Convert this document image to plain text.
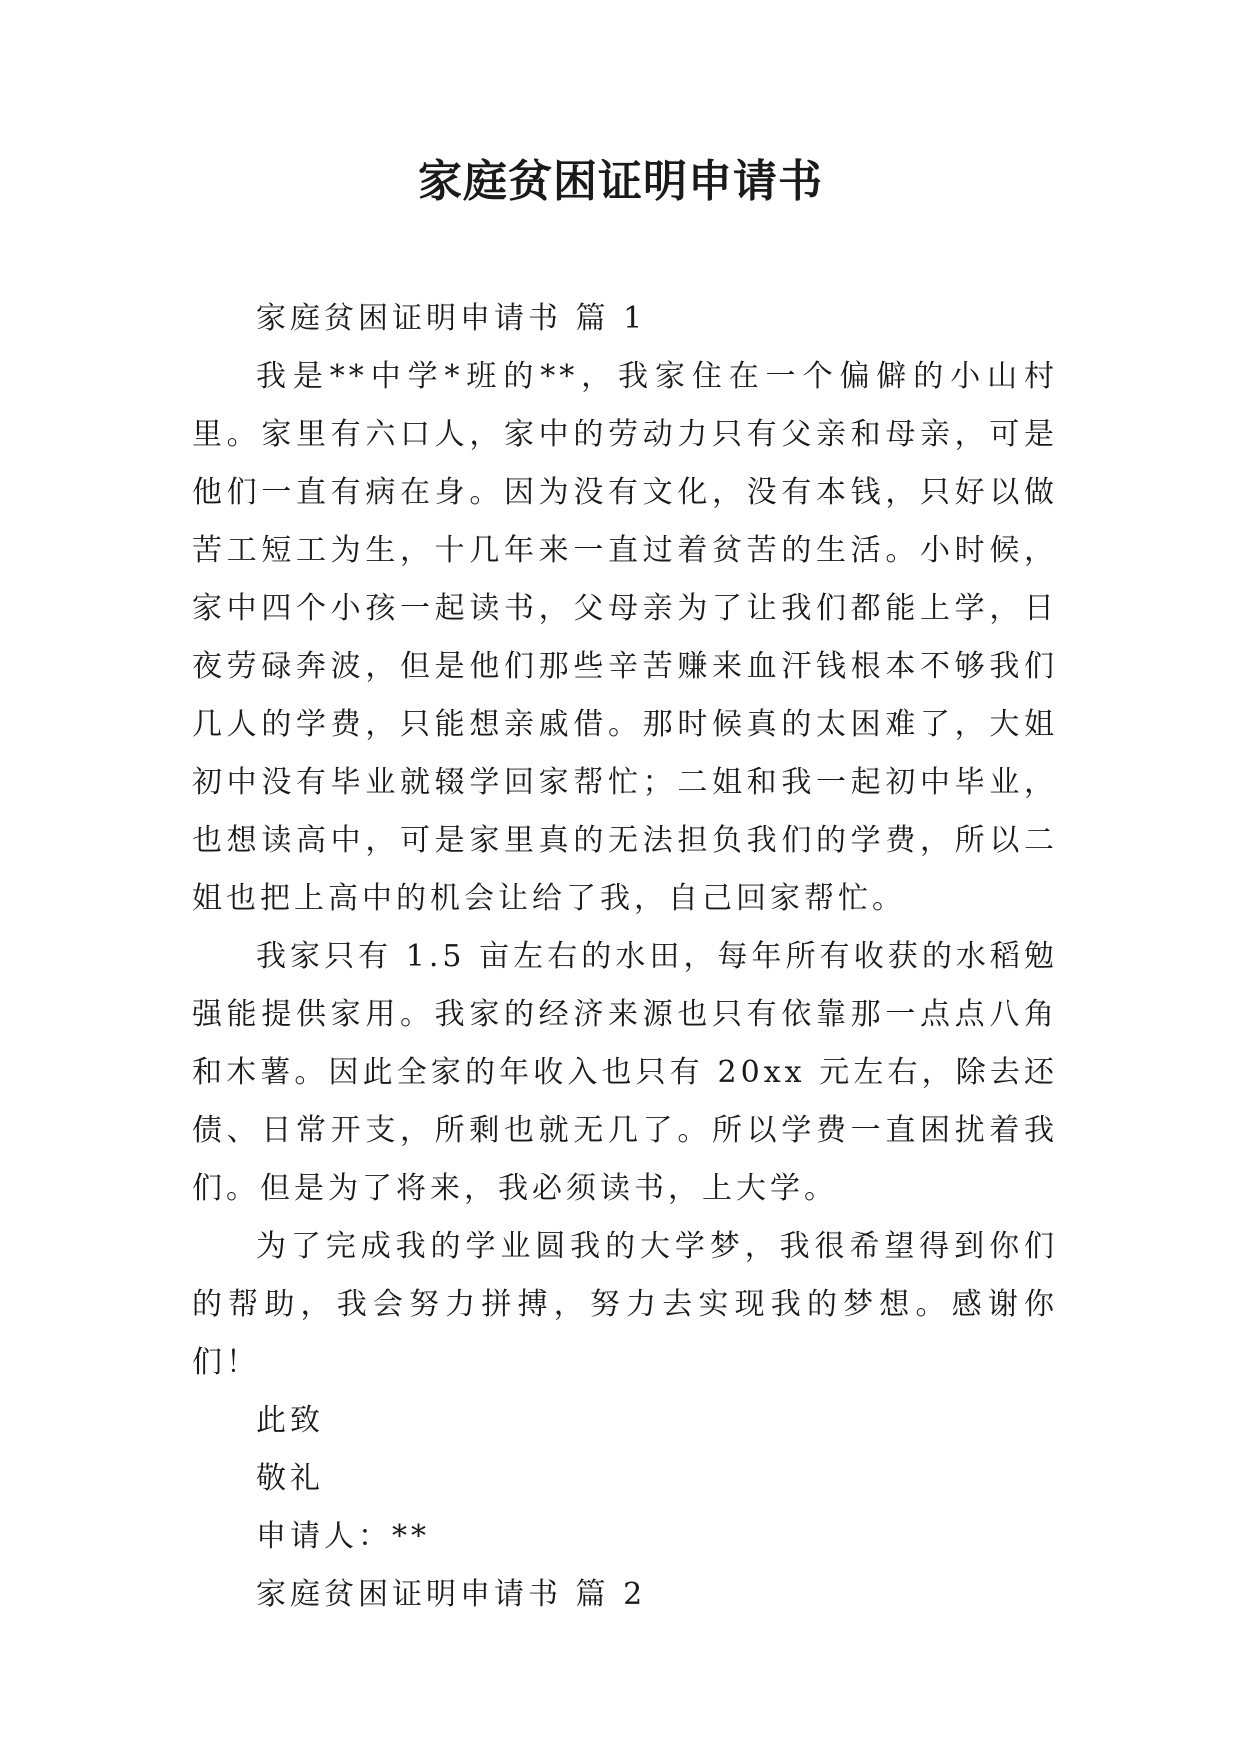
家庭贫困证明申请书

家庭贫困证明申请书 篇 1

我是**中学*班的**，我家住在一个偏僻的小山村里。家里有六口人，家中的劳动力只有父亲和母亲，可是他们一直有病在身。因为没有文化，没有本钱，只好以做苦工短工为生，十几年来一直过着贫苦的生活。小时候，家中四个小孩一起读书，父母亲为了让我们都能上学，日夜劳碌奔波，但是他们那些辛苦赚来血汗钱根本不够我们几人的学费，只能想亲戚借。那时候真的太困难了，大姐初中没有毕业就辍学回家帮忙；二姐和我一起初中毕业，也想读高中，可是家里真的无法担负我们的学费，所以二姐也把上高中的机会让给了我，自己回家帮忙。

我家只有 1.5 亩左右的水田，每年所有收获的水稻勉强能提供家用。我家的经济来源也只有依靠那一点点八角和木薯。因此全家的年收入也只有 20xx 元左右，除去还债、日常开支，所剩也就无几了。所以学费一直困扰着我们。但是为了将来，我必须读书，上大学。

为了完成我的学业圆我的大学梦，我很希望得到你们的帮助，我会努力拼搏，努力去实现我的梦想。感谢你们！

此致

敬礼

申请人：**

家庭贫困证明申请书 篇 2
